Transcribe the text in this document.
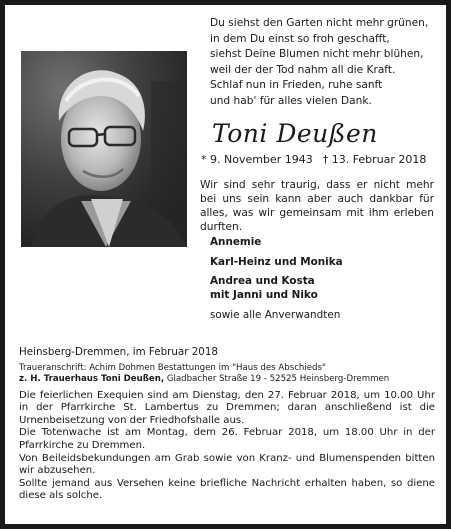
Du siehst den Garten nicht mehr grünen,
in dem Du einst so froh geschafft,
siehst Deine Blumen nicht mehr blühen,
weil der der Tod nahm all die Kraft.
Schlaf nun in Frieden, ruhe sanft
und hab' für alles vielen Dank.
Toni Deußen
* 9. November 1943 † 13. Februar 2018
Wir sind sehr traurig, dass er nicht mehr bei uns sein kann aber auch dankbar für alles, was wir gemeinsam mit ihm erleben durften.
Annemie
Karl-Heinz und Monika
Andrea und Kosta
mit Janni und Niko
sowie alle Anverwandten
Heinsberg-Dremmen, im Februar 2018
Traueranschrift: Achim Dohmen Bestattungen im "Haus des Abschieds"
z. H. Trauerhaus Toni Deußen, Gladbacher Straße 19 - 52525 Heinsberg-Dremmen

Die feierlichen Exequien sind am Dienstag, den 27. Februar 2018, um 10.00 Uhr in der Pfarrkirche St. Lambertus zu Dremmen; daran anschließend ist die Urnenbeisetzung von der Friedhofshalle aus.

Die Totenwache ist am Montag, dem 26. Februar 2018, um 18.00 Uhr in der Pfarrkirche zu Dremmen.

Von Beileidsbekundungen am Grab sowie von Kranz- und Blumenspenden bitten wir abzusehen.

Sollte jemand aus Versehen keine briefliche Nachricht erhalten haben, so diene diese als solche.
